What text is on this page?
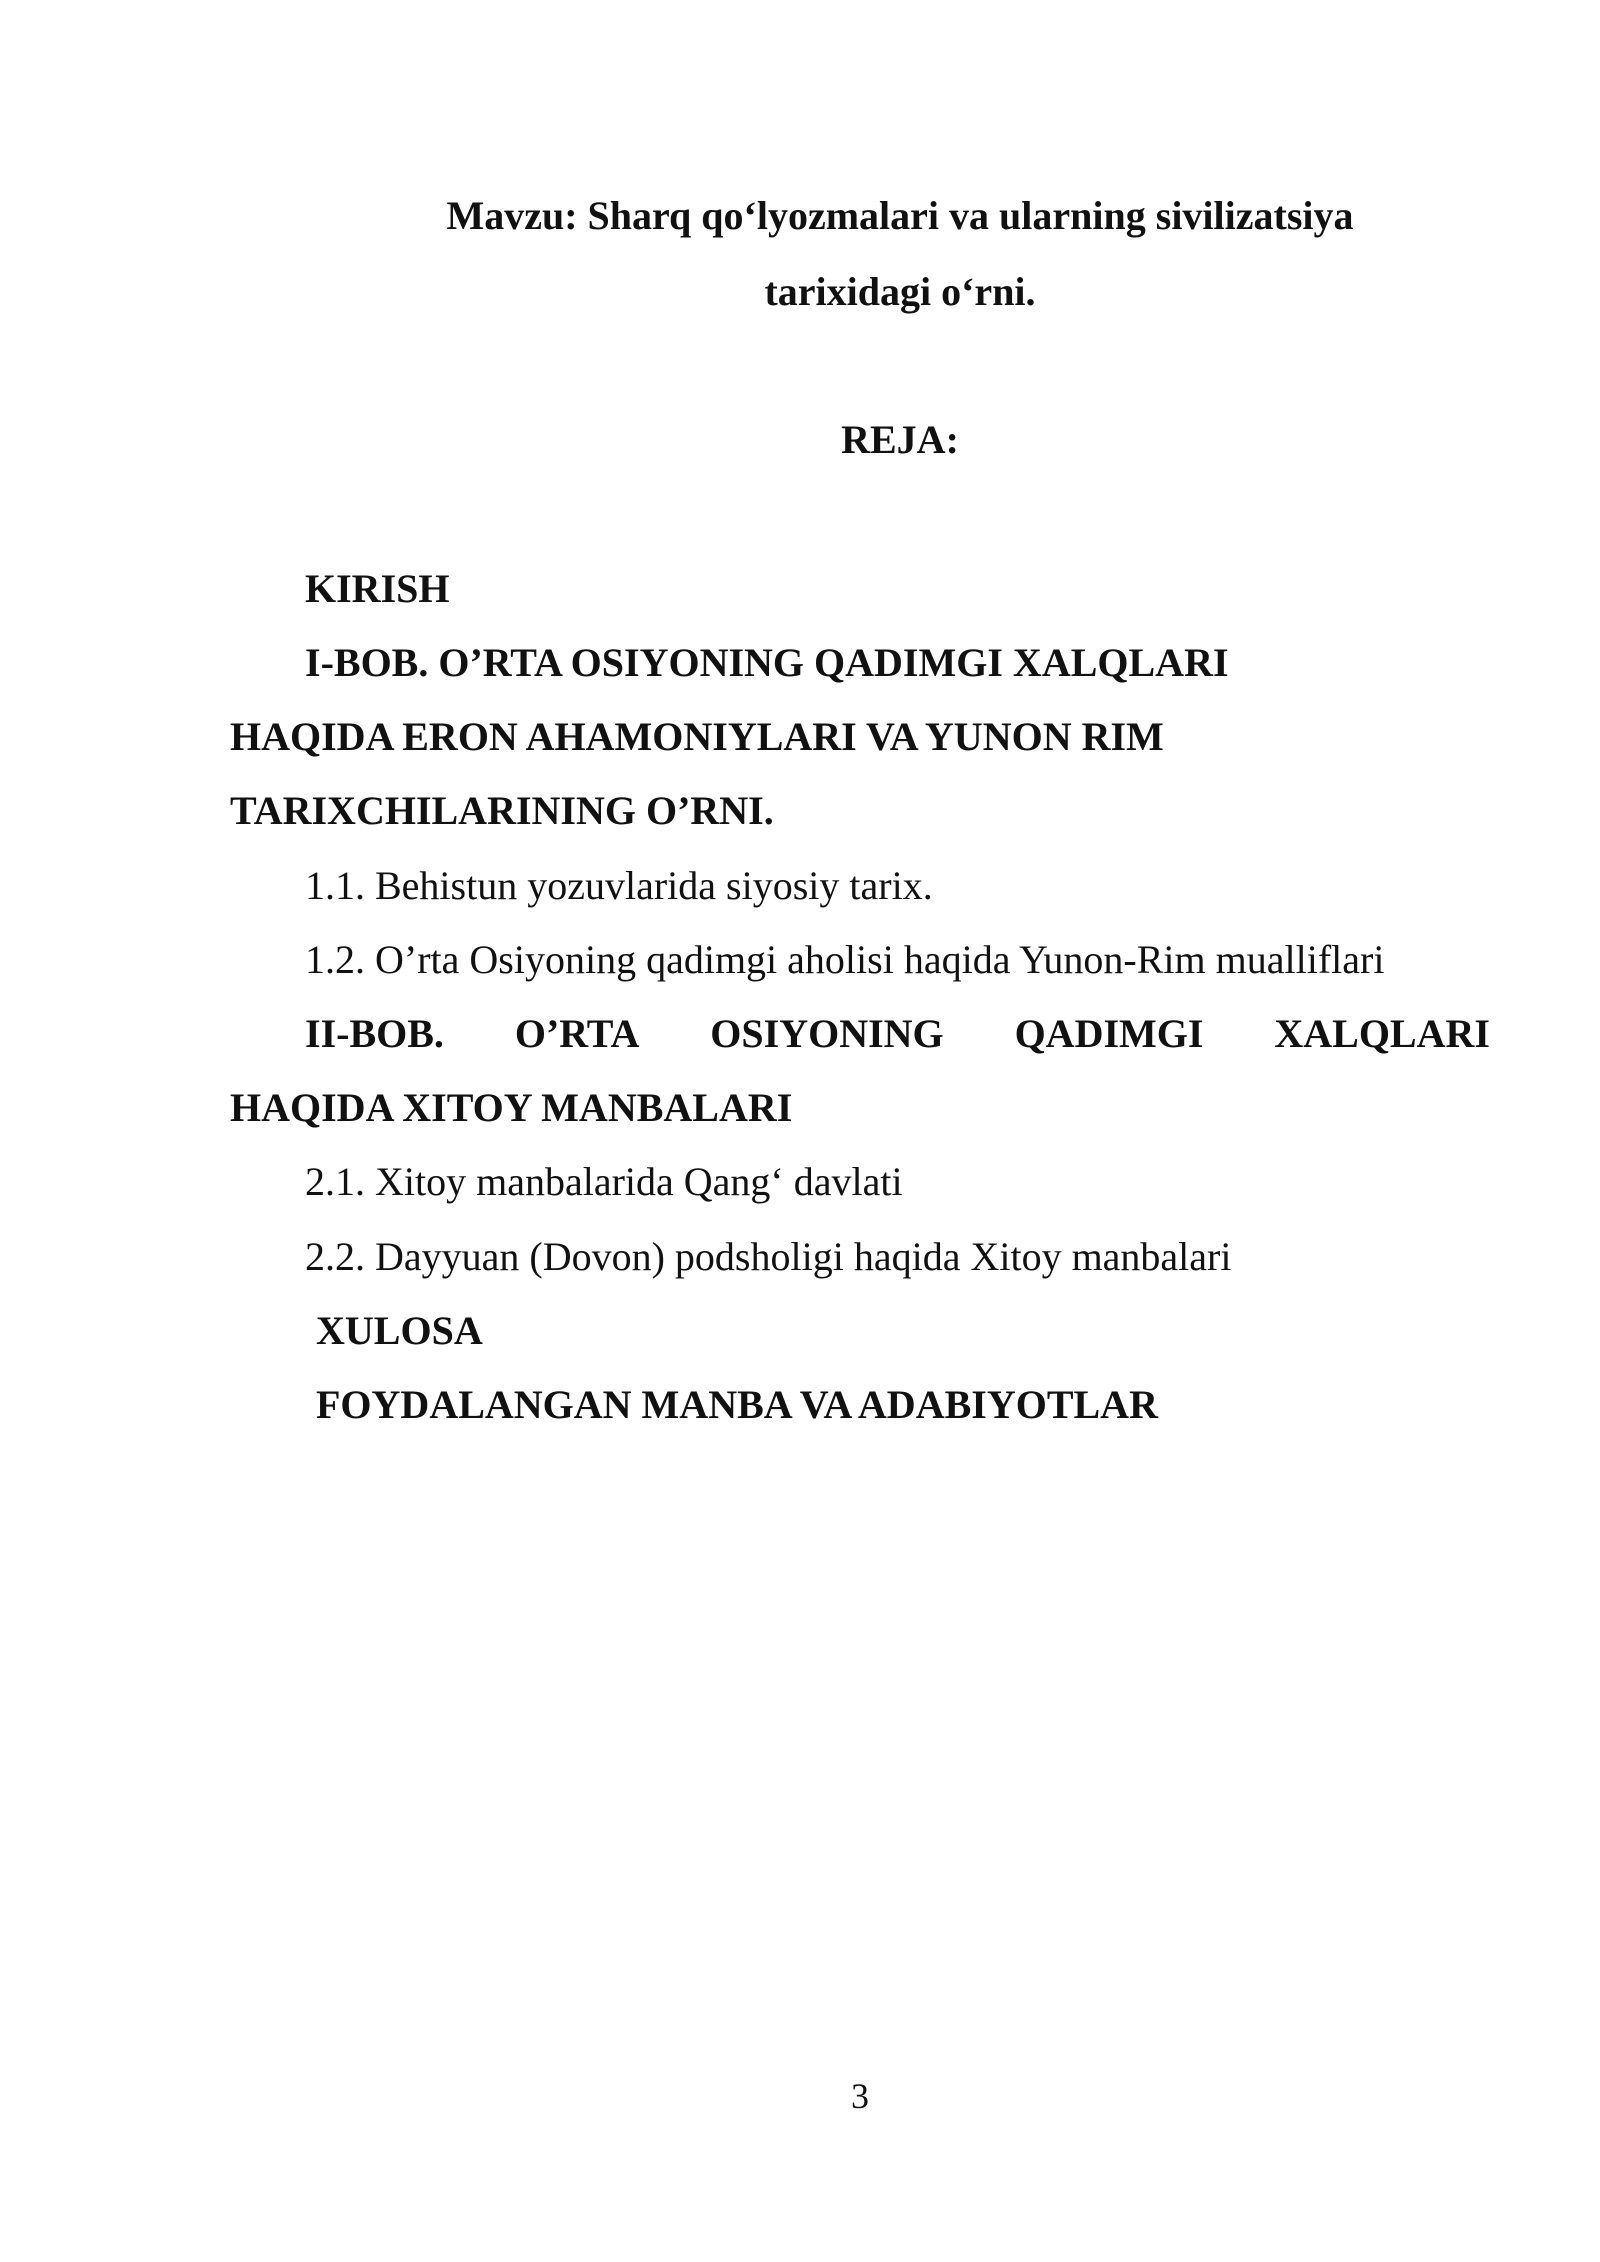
Mavzu: Sharq qo‘lyozmalari va ularning sivilizatsiya
tarixidagi o‘rni.
REJA:
KIRISH
I-BOB. O’RTA OSIYONING QADIMGI XALQLARI
HAQIDA ERON AHAMONIYLARI VA YUNON RIM
TARIXCHILARINING O’RNI.
1.1. Behistun yozuvlarida siyosiy tarix.
1.2. O’rta Osiyoning qadimgi aholisi haqida Yunon-Rim mualliflari
II-BOB. O’RTA OSIYONING QADIMGI XALQLARI
HAQIDA XITOY MANBALARI
2.1. Xitoy manbalarida Qang‘ davlati
2.2. Dayyuan (Dovon) podsholigi haqida Xitoy manbalari
XULOSA
FOYDALANGAN MANBA VA ADABIYOTLAR
3
